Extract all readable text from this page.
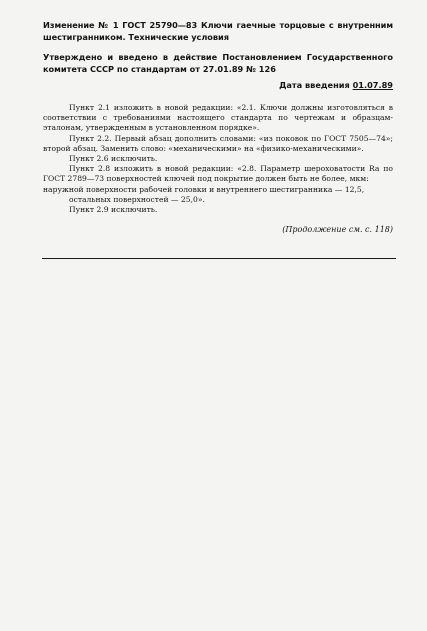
Изменение № 1 ГОСТ 25790—83 Ключи гаечные торцовые с внутренним шестигранником. Технические условия
Утверждено и введено в действие Постановлением Государственного комитета СССР по стандартам от 27.01.89 № 126
Дата введения 01.07.89

Пункт 2.1 изложить в новой редакции: «2.1. Ключи должны изготовляться в соответствии с требованиями настоящего стандарта по чертежам и образцам-эталонам, утвержденным в установленном порядке».

Пункт 2.2. Первый абзац дополнить словами: «из поковок по ГОСТ 7505—74»; второй абзац. Заменить слово: «механическими» на «физико-механическими».

Пункт 2.6 исключить.

Пункт 2.8 изложить в новой редакции: «2.8. Параметр шероховатости Ra по ГОСТ 2789—73 поверхностей ключей под покрытие должен быть не более, мкм:

наружной поверхности рабочей головки и внутреннего шестигранника — 12,5,

остальных поверхностей — 25,0».

Пункт 2.9 исключить.

(Продолжение см. с. 118)
